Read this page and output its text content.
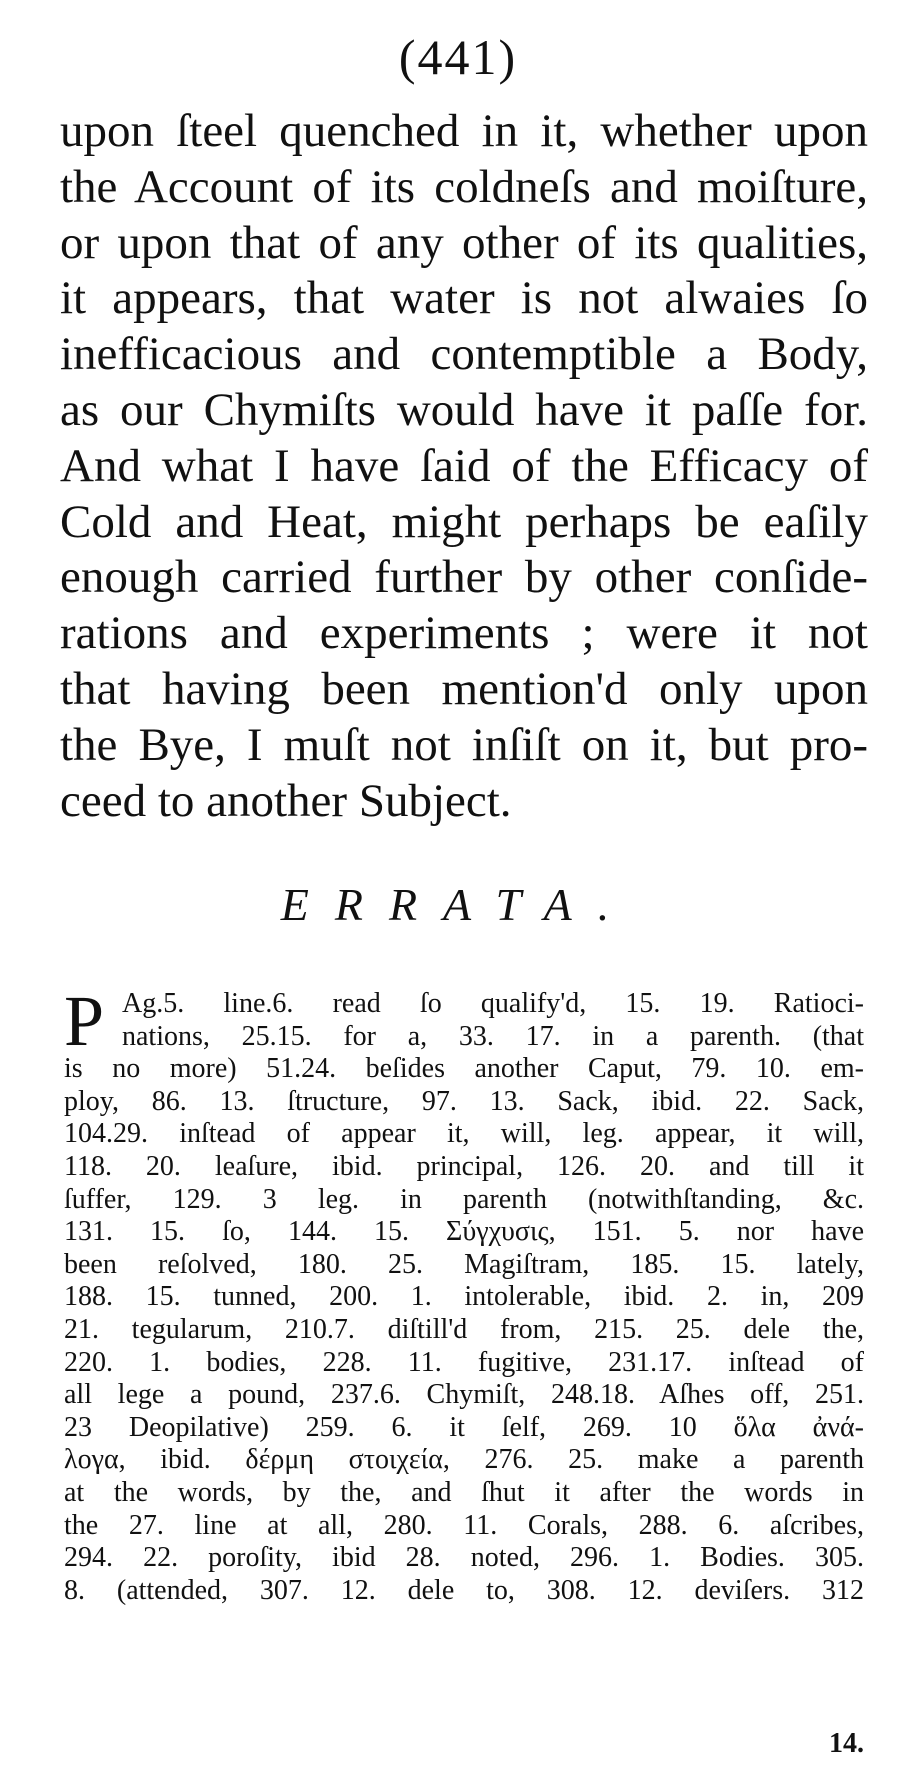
(441)
upon ſteel quenched in it, whether upon
the Account of its coldneſs and moiſture,
or upon that of any other of its qualities,
it appears, that water is not alwaies ſo
inefficacious and contemptible a Body,
as our Chymiſts would have it paſſe for.
And what I have ſaid of the Efficacy of
Cold and Heat, might perhaps be eaſily
enough carried further by other conſide-
rations and experiments ; were it not
that having been mention'd only upon
the Bye, I muſt not inſiſt on it, but pro-
ceed to another Subject.
ERRATA.
P Ag.5. line.6. read ſo qualify'd, 15. 19. Ratioci-
nations, 25.15. for a, 33. 17. in a parenth. (that
is no more) 51.24. beſides another Caput, 79. 10. em-
ploy, 86. 13. ſtructure, 97. 13. Sack, ibid. 22. Sack,
104.29. inſtead of appear it, will, leg. appear, it will,
118. 20. leaſure, ibid. principal, 126. 20. and till it
ſuffer, 129. 3 leg. in parenth (notwithſtanding, &c.
131. 15. ſo, 144. 15. Σύγχυσις, 151. 5. nor have
been reſolved, 180. 25. Magiſtram, 185. 15. lately,
188. 15. tunned, 200. 1. intolerable, ibid. 2. in, 209
21. tegularum, 210.7. diſtill'd from, 215. 25. dele the,
220. 1. bodies, 228. 11. fugitive, 231.17. inſtead of
all lege a pound, 237.6. Chymiſt, 248.18. Aſhes off, 251.
23 Deopilative) 259. 6. it ſelf, 269. 10 ὅλα ἀνά-
λογα, ibid. δέρμη στοιχεία, 276. 25. make a parenth
at the words, by the, and ſhut it after the words in
the 27. line at all, 280. 11. Corals, 288. 6. aſcribes,
294. 22. poroſity, ibid 28. noted, 296. 1. Bodies. 305.
8. (attended, 307. 12. dele to, 308. 12. deviſers. 312
14.
